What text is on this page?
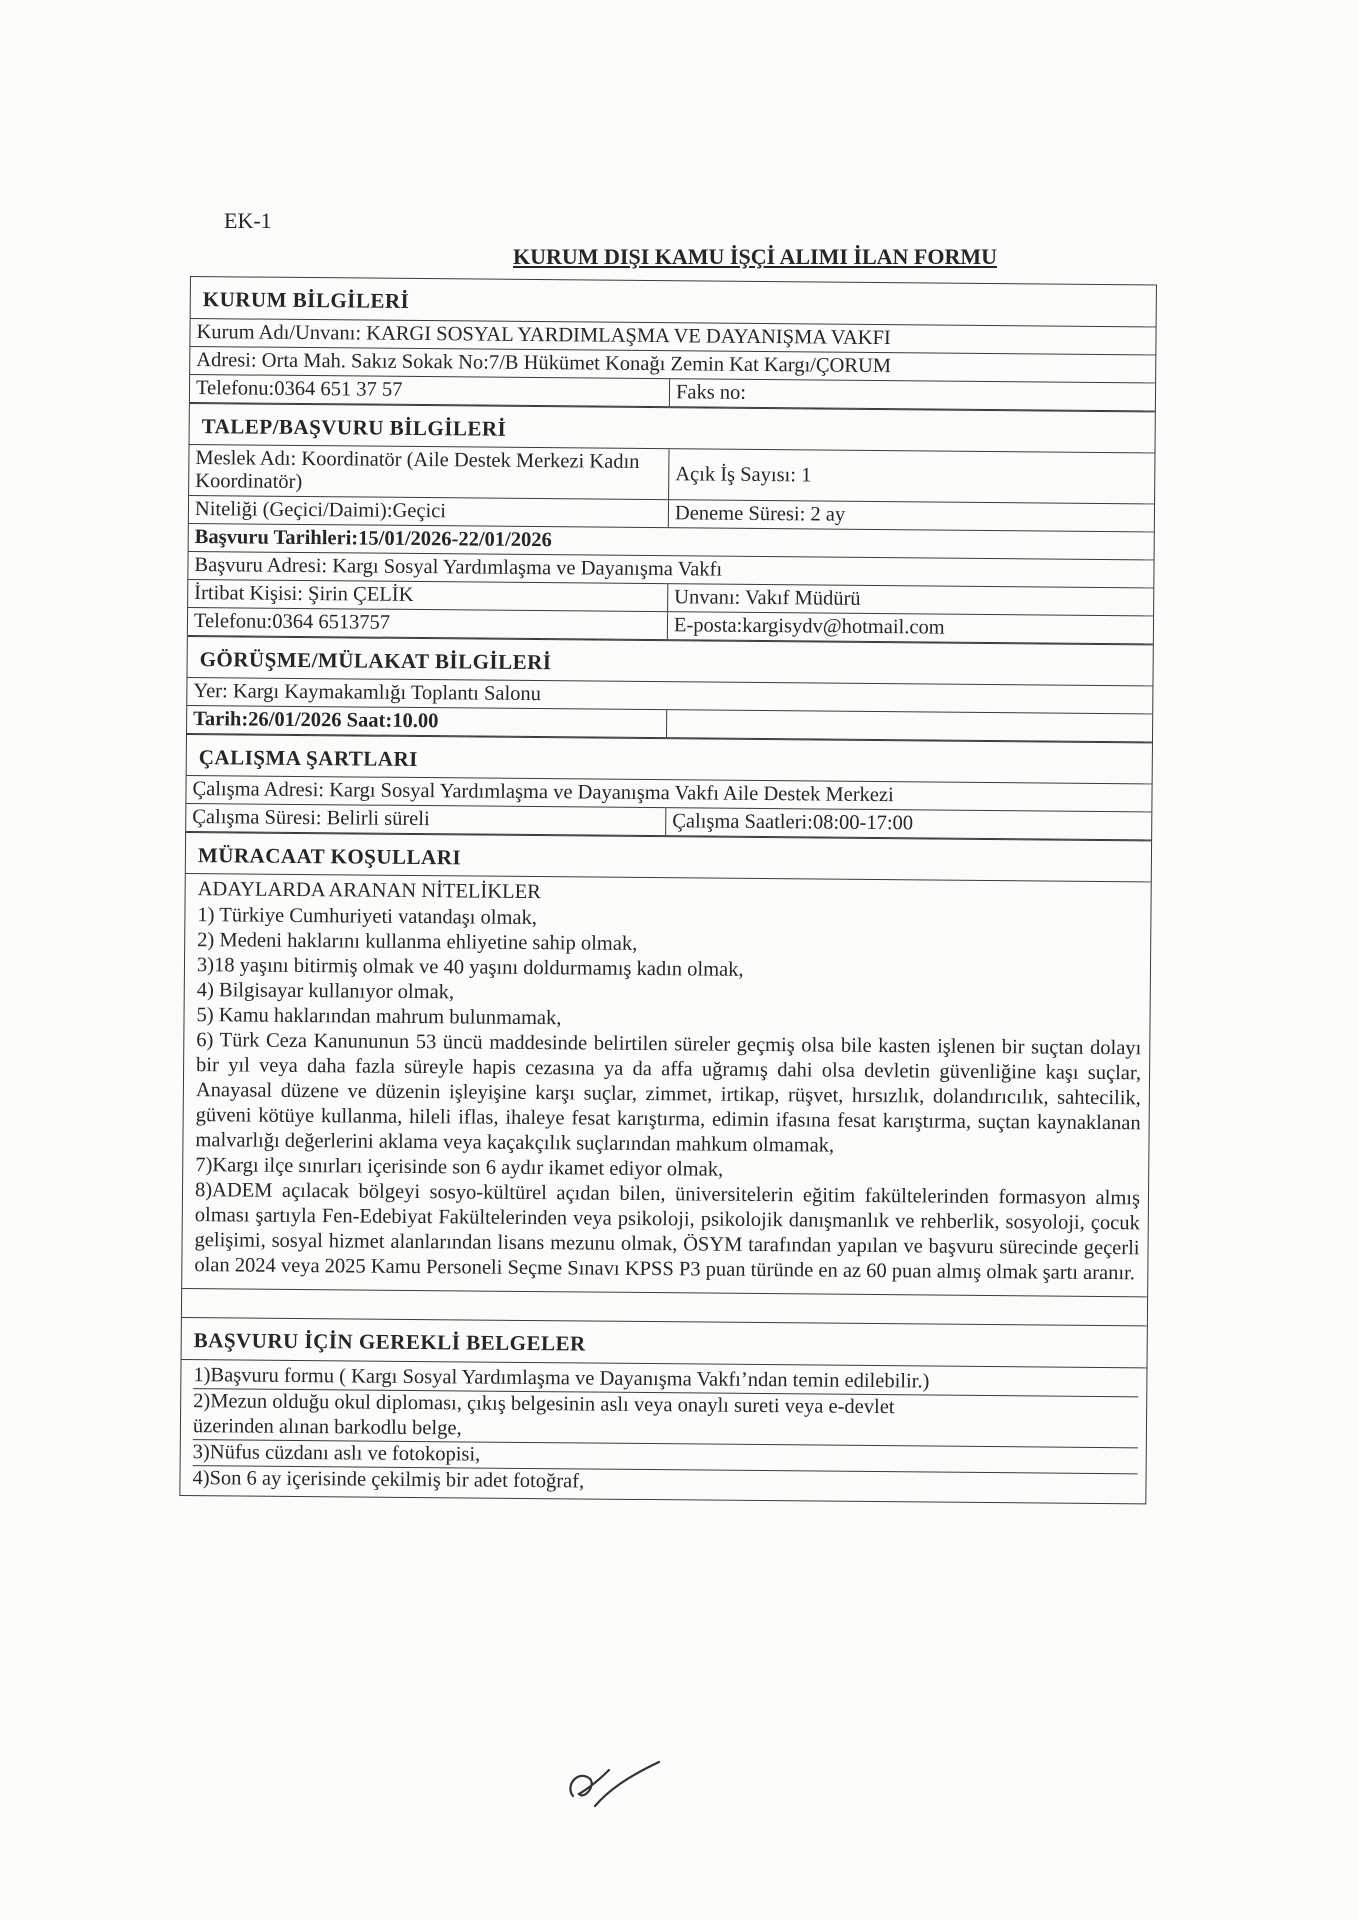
EK-1
KURUM DIŞI KAMU İŞÇİ ALIMI İLAN FORMU
KURUM BİLGİLERİ
Kurum Adı/Unvanı: KARGI SOSYAL YARDIMLAŞMA VE DAYANIŞMA VAKFI
Adresi: Orta Mah. Sakız Sokak No:7/B Hükümet Konağı Zemin Kat Kargı/ÇORUM
Telefonu:0364 651 37 57	Faks no:
TALEP/BAŞVURU BİLGİLERİ
Meslek Adı: Koordinatör (Aile Destek Merkezi Kadın Koordinatör)	Açık İş Sayısı: 1
Niteliği (Geçici/Daimi):Geçici	Deneme Süresi: 2 ay
Başvuru Tarihleri:15/01/2026-22/01/2026
Başvuru Adresi: Kargı Sosyal Yardımlaşma ve Dayanışma Vakfı
İrtibat Kişisi: Şirin ÇELİK	Unvanı: Vakıf Müdürü
Telefonu:0364 6513757	E-posta:kargisydv@hotmail.com
GÖRÜŞME/MÜLAKAT BİLGİLERİ
Yer: Kargı Kaymakamlığı Toplantı Salonu
Tarih:26/01/2026 Saat:10.00
ÇALIŞMA ŞARTLARI
Çalışma Adresi: Kargı Sosyal Yardımlaşma ve Dayanışma Vakfı Aile Destek Merkezi
Çalışma Süresi: Belirli süreli	Çalışma Saatleri:08:00-17:00
MÜRACAAT KOŞULLARI
ADAYLARDA ARANAN NİTELİKLER
1) Türkiye Cumhuriyeti vatandaşı olmak,
2) Medeni haklarını kullanma ehliyetine sahip olmak,
3)18 yaşını bitirmiş olmak ve 40 yaşını doldurmamış kadın olmak,
4) Bilgisayar kullanıyor olmak,
5) Kamu haklarından mahrum bulunmamak,
6) Türk Ceza Kanununun 53 üncü maddesinde belirtilen süreler geçmiş olsa bile kasten işlenen bir suçtan dolayı bir yıl veya daha fazla süreyle hapis cezasına ya da affa uğramış dahi olsa devletin güvenliğine kaşı suçlar, Anayasal düzene ve düzenin işleyişine karşı suçlar, zimmet, irtikap, rüşvet, hırsızlık, dolandırıcılık, sahtecilik, güveni kötüye kullanma, hileli iflas, ihaleye fesat karıştırma, edimin ifasına fesat karıştırma, suçtan kaynaklanan malvarlığı değerlerini aklama veya kaçakçılık suçlarından mahkum olmamak,
7)Kargı ilçe sınırları içerisinde son 6 aydır ikamet ediyor olmak,
8)ADEM açılacak bölgeyi sosyo-kültürel açıdan bilen, üniversitelerin eğitim fakültelerinden formasyon almış olması şartıyla Fen-Edebiyat Fakültelerinden veya psikoloji, psikolojik danışmanlık ve rehberlik, sosyoloji, çocuk gelişimi, sosyal hizmet alanlarından lisans mezunu olmak, ÖSYM tarafından yapılan ve başvuru sürecinde geçerli olan 2024 veya 2025 Kamu Personeli Seçme Sınavı KPSS P3 puan türünde en az 60 puan almış olmak şartı aranır.
BAŞVURU İÇİN GEREKLİ BELGELER
1)Başvuru formu ( Kargı Sosyal Yardımlaşma ve Dayanışma Vakfı’ndan temin edilebilir.)
2)Mezun olduğu okul diploması, çıkış belgesinin aslı veya onaylı sureti veya e-devlet
üzerinden alınan barkodlu belge,
3)Nüfus cüzdanı aslı ve fotokopisi,
4)Son 6 ay içerisinde çekilmiş bir adet fotoğraf,
